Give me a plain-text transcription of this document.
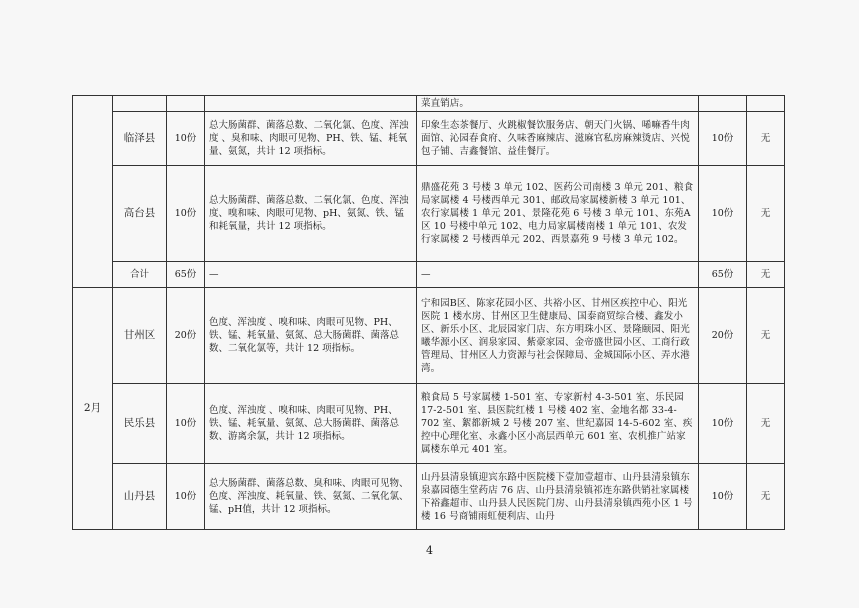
				菜直销店。		
	临泽县	10份	总大肠菌群、菌落总数、二氧化氯、色度、浑浊度 、臭和味、肉眼可见物、PH、铁、锰、耗氧量、氨氮，共计 12 项指标。	印象生态茶餐厅、火跳椒餐饮服务店、朝天门火锅、唏嘛香牛肉面馆、沁园春食府、久味香麻辣店、滋麻官私房麻辣烫店、兴悦包子铺、吉鑫餐馆、益佳餐厅。	10份	无
	高台县	10份	总大肠菌群、菌落总数、二氧化氯、色度、浑浊度、嗅和味、肉眼可见物、pH、氨氮、铁、锰和耗氧量，共计 12 项指标。	鼎盛花苑 3 号楼 3 单元 102、医药公司南楼 3 单元 201、粮食局家属楼 4 号楼西单元 301、邮政局家属楼新楼 3 单元 101、农行家属楼 1 单元 201、景隆花苑 6 号楼 3 单元 101、东苑A区 10 号楼中单元 102、电力局家属楼南楼 1 单元 101、农发行家属楼 2 号楼西单元 202、西景嘉苑 9 号楼 3 单元 102。	10份	无
	合计	65份	—	—	65份	无
2月	甘州区	20份	色度、浑浊度 、嗅和味、肉眼可见物、PH、铁、锰、耗氧量、氨氮、总大肠菌群、菌落总数、二氧化氯等，共计 12 项指标。	宁和园B区、陈家花园小区、共裕小区、甘州区疾控中心、阳光医院 1 楼水房、甘州区卫生健康局、国泰商贸综合楼、鑫发小区、新乐小区、北辰园家门店、东方明珠小区、景隆颐园、阳光曦华源小区、润泉家园、紫豪家园、金帝盛世园小区、工商行政管理局、甘州区人力资源与社会保障局、金城国际小区、弄水港湾。	20份	无
	民乐县	10份	色度、浑浊度 、嗅和味、肉眼可见物、PH、铁、锰、耗氧量、氨氮、总大肠菌群、菌落总数、游离余氯，共计 12 项指标。	粮食局 5 号家属楼 1-501 室、专家新村 4-3-501 室、乐民园 17-2-501 室、县医院红楼 1 号楼 402 室、金地名都 33-4-702 室、絮都新城 2 号楼 207 室、世纪嘉园 14-5-602 室、疾控中心理化室、永鑫小区小高层西单元 601 室、农机推广站家属楼东单元 401 室。	10份	无
	山丹县	10份	总大肠菌群、菌落总数、臭和味、肉眼可见物、色度、浑浊度、耗氧量、铁、氨氮、二氧化氯、锰、pH值，共计 12 项指标。	山丹县清泉镇迎宾东路中医院楼下壹加壹超市、山丹县清泉镇东泉嘉园德生堂药店 76 店、山丹县清泉镇祁连东路供销社家属楼下裕鑫超市、山丹县人民医院门房、山丹县清泉镇西苑小区 1 号楼 16 号商铺雨虹便利店、山丹	10份	无
4
